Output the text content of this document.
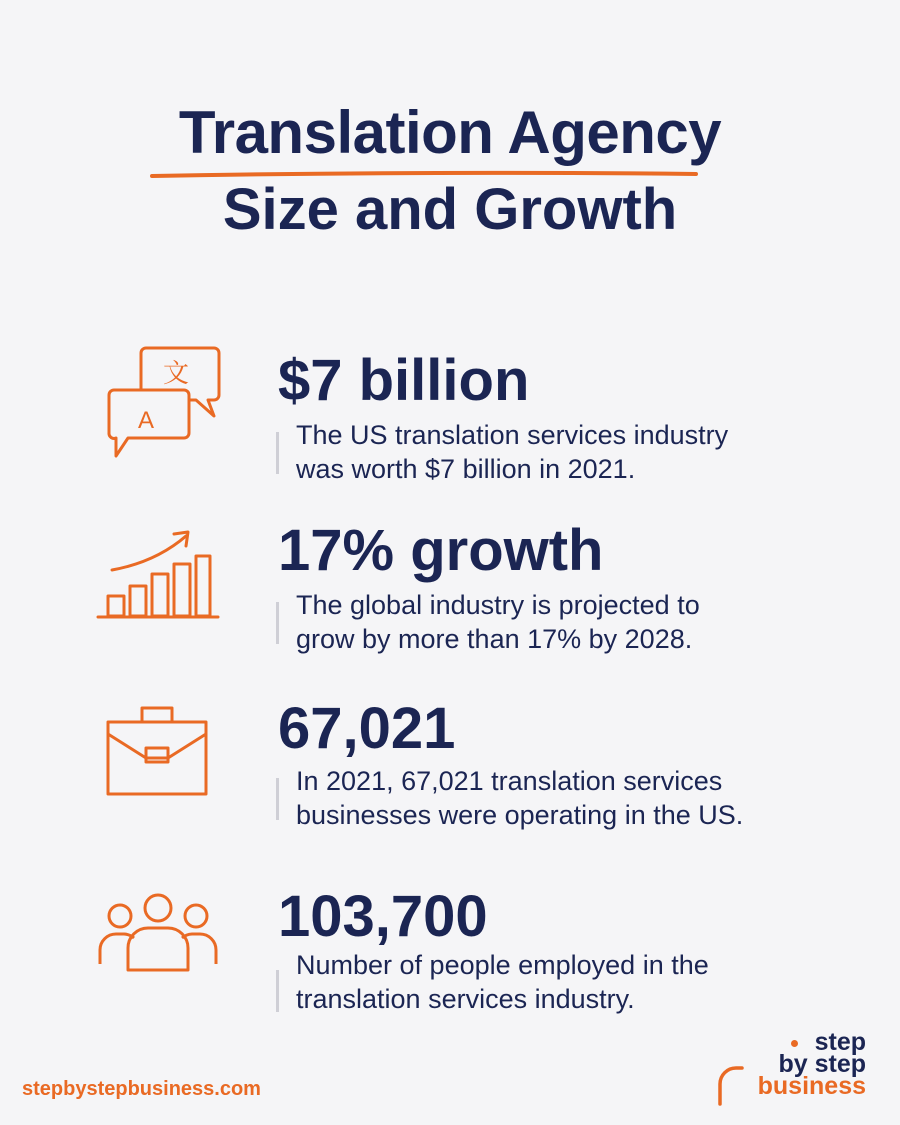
Translation Agency
Size and Growth
文
A
$7 billion
The US translation services industry
was worth $7 billion in 2021.
17% growth
The global industry is projected to
grow by more than 17% by 2028.
67,021
In 2021, 67,021 translation services
businesses were operating in the US.
103,700
Number of people employed in the
translation services industry.
stepbystepbusiness.com
step
by step
business
